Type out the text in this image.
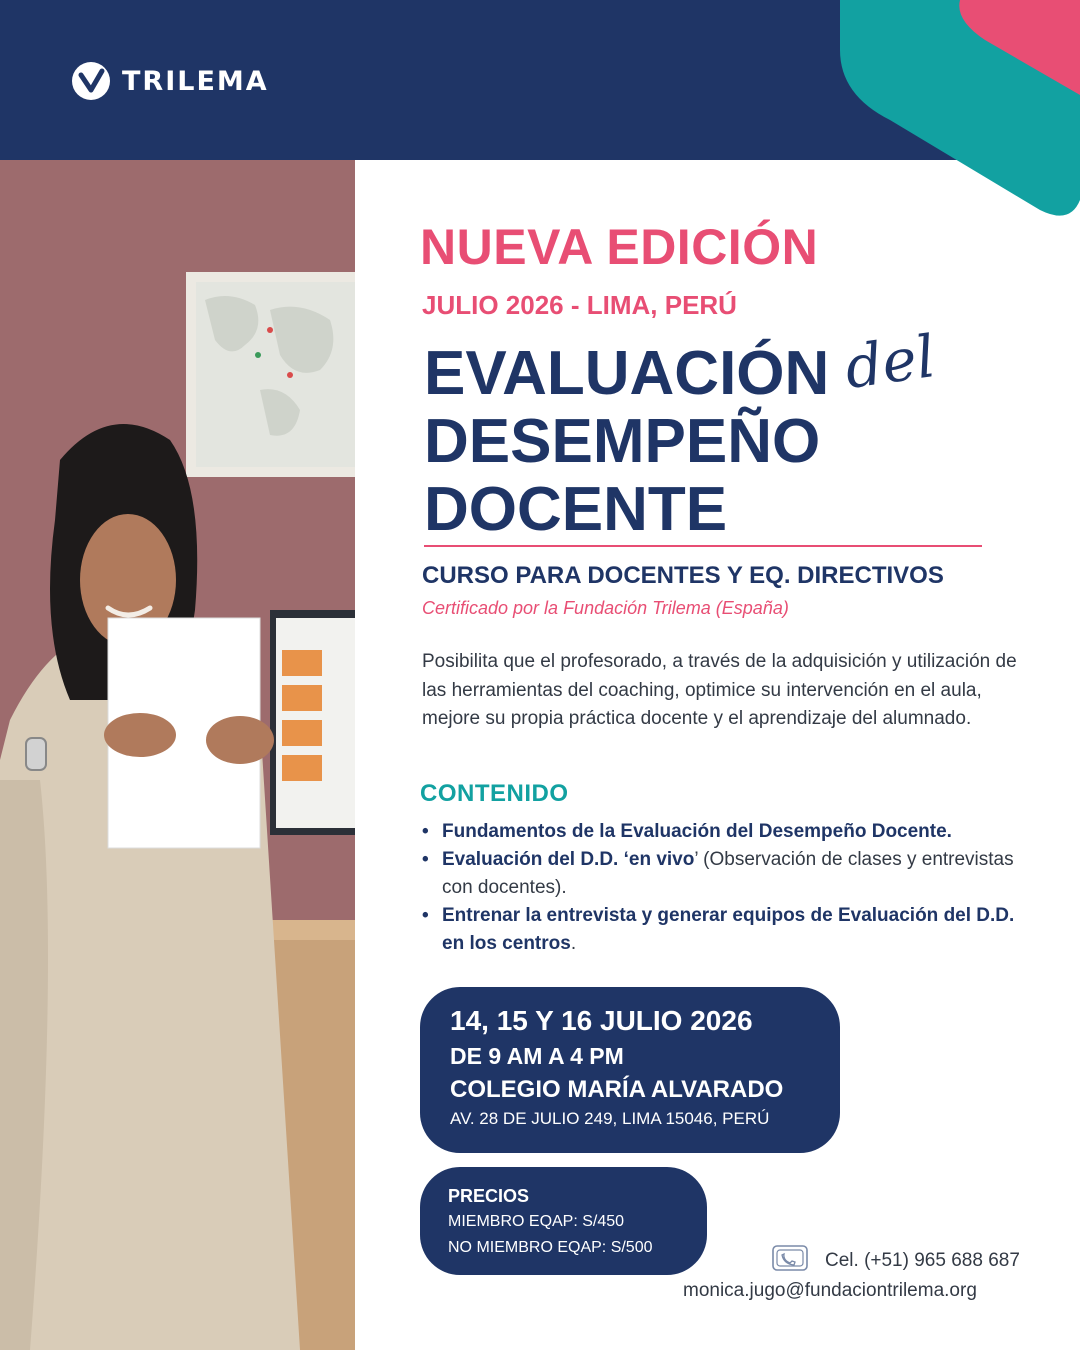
TRILEMA
NUEVA EDICIÓN
JULIO 2026 - LIMA, PERÚ
EVALUACIÓN
DESEMPEÑO
DOCENTE
del
CURSO PARA DOCENTES Y EQ. DIRECTIVOS
Certificado por la Fundación Trilema (España)

Posibilita que el profesorado, a través de la adquisición y utilización de las herramientas del coaching, optimice su intervención en el aula, mejore su propia práctica docente y el aprendizaje del alumnado.

CONTENIDO
• Fundamentos de la Evaluación del Desempeño Docente.
• Evaluación del D.D. ‘en vivo’ (Observación de clases y entrevistas con docentes).
• Entrenar la entrevista y generar equipos de Evaluación del D.D. en los centros.
14, 15 Y 16 JULIO 2026
DE 9 AM A 4 PM
COLEGIO MARÍA ALVARADO
AV. 28 DE JULIO 249, LIMA 15046, PERÚ
PRECIOS
MIEMBRO EQAP: S/450
NO MIEMBRO EQAP: S/500
Cel. (+51) 965 688 687
monica.jugo@fundaciontrilema.org
